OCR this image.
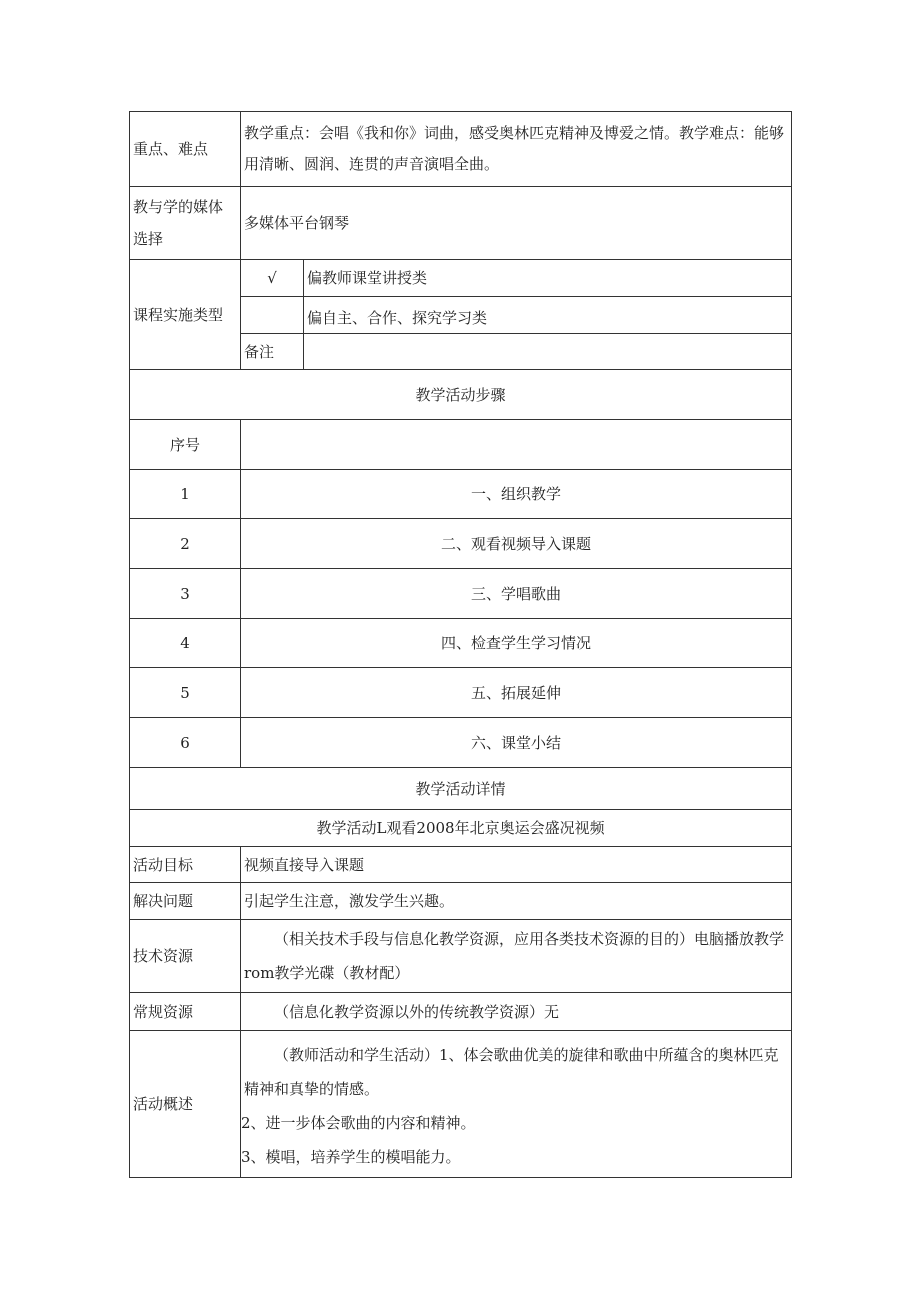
重点、难点	教学重点：会唱《我和你》词曲，感受奥林匹克精神及博爱之情。教学难点：能够用清晰、圆润、连贯的声音演唱全曲。	
教与学的媒体选择	多媒体平台钢琴	
课程实施类型	√	偏教师课堂讲授类
		偏自主、合作、探究学习类
	备注	
教学活动步骤		
序号		
1	一、组织教学	
2	二、观看视频导入课题	
3	三、学唱歌曲	
4	四、检查学生学习情况	
5	五、拓展延伸	
6	六、课堂小结	
教学活动详情		
教学活动L观看2008年北京奥运会盛况视频		
活动目标	视频直接导入课题	
解决问题	引起学生注意，激发学生兴趣。	
技术资源	（相关技术手段与信息化教学资源，应用各类技术资源的目的）电脑播放教学rom教学光碟（教材配）	
常规资源	（信息化教学资源以外的传统教学资源）无	
活动概述	（教师活动和学生活动）1、体会歌曲优美的旋律和歌曲中所蕴含的奥林匹克精神和真挚的情感。

2、进一步体会歌曲的内容和精神。

3、模唱，培养学生的模唱能力。	
